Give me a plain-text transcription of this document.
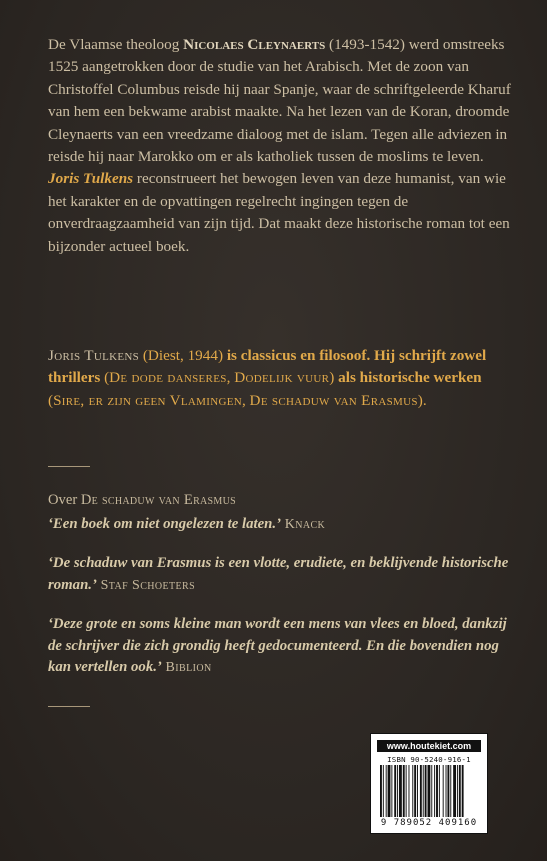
De Vlaamse theoloog Nicolaes Cleynaerts (1493-1542) werd omstreeks 1525 aangetrokken door de studie van het Arabisch. Met de zoon van Christoffel Columbus reisde hij naar Spanje, waar de schriftgeleerde Kharuf van hem een bekwame arabist maakte. Na het lezen van de Koran, droomde Cleynaerts van een vreedzame dialoog met de islam. Tegen alle adviezen in reisde hij naar Marokko om er als katholiek tussen de moslims te leven.

Joris Tulkens reconstrueert het bewogen leven van deze humanist, van wie het karakter en de opvattingen regelrecht ingingen tegen de onverdraagzaamheid van zijn tijd. Dat maakt deze historische roman tot een bijzonder actueel boek.

Joris Tulkens (Diest, 1944) is classicus en filosoof. Hij schrijft zowel thrillers (De dode danseres, Dodelijk vuur) als historische werken (Sire, er zijn geen Vlamingen, De schaduw van Erasmus).
Over De schaduw van Erasmus

‘Een boek om niet ongelezen te laten.’ Knack

‘De schaduw van Erasmus is een vlotte, erudiete, en beklijvende historische roman.’ Staf Schoeters

‘Deze grote en soms kleine man wordt een mens van vlees en bloed, dankzij de schrijver die zich grondig heeft gedocumenteerd. En die bovendien nog kan vertellen ook.’ Biblion

www.houtekiet.com
ISBN 90-5240-916-1
9 789052 409160
